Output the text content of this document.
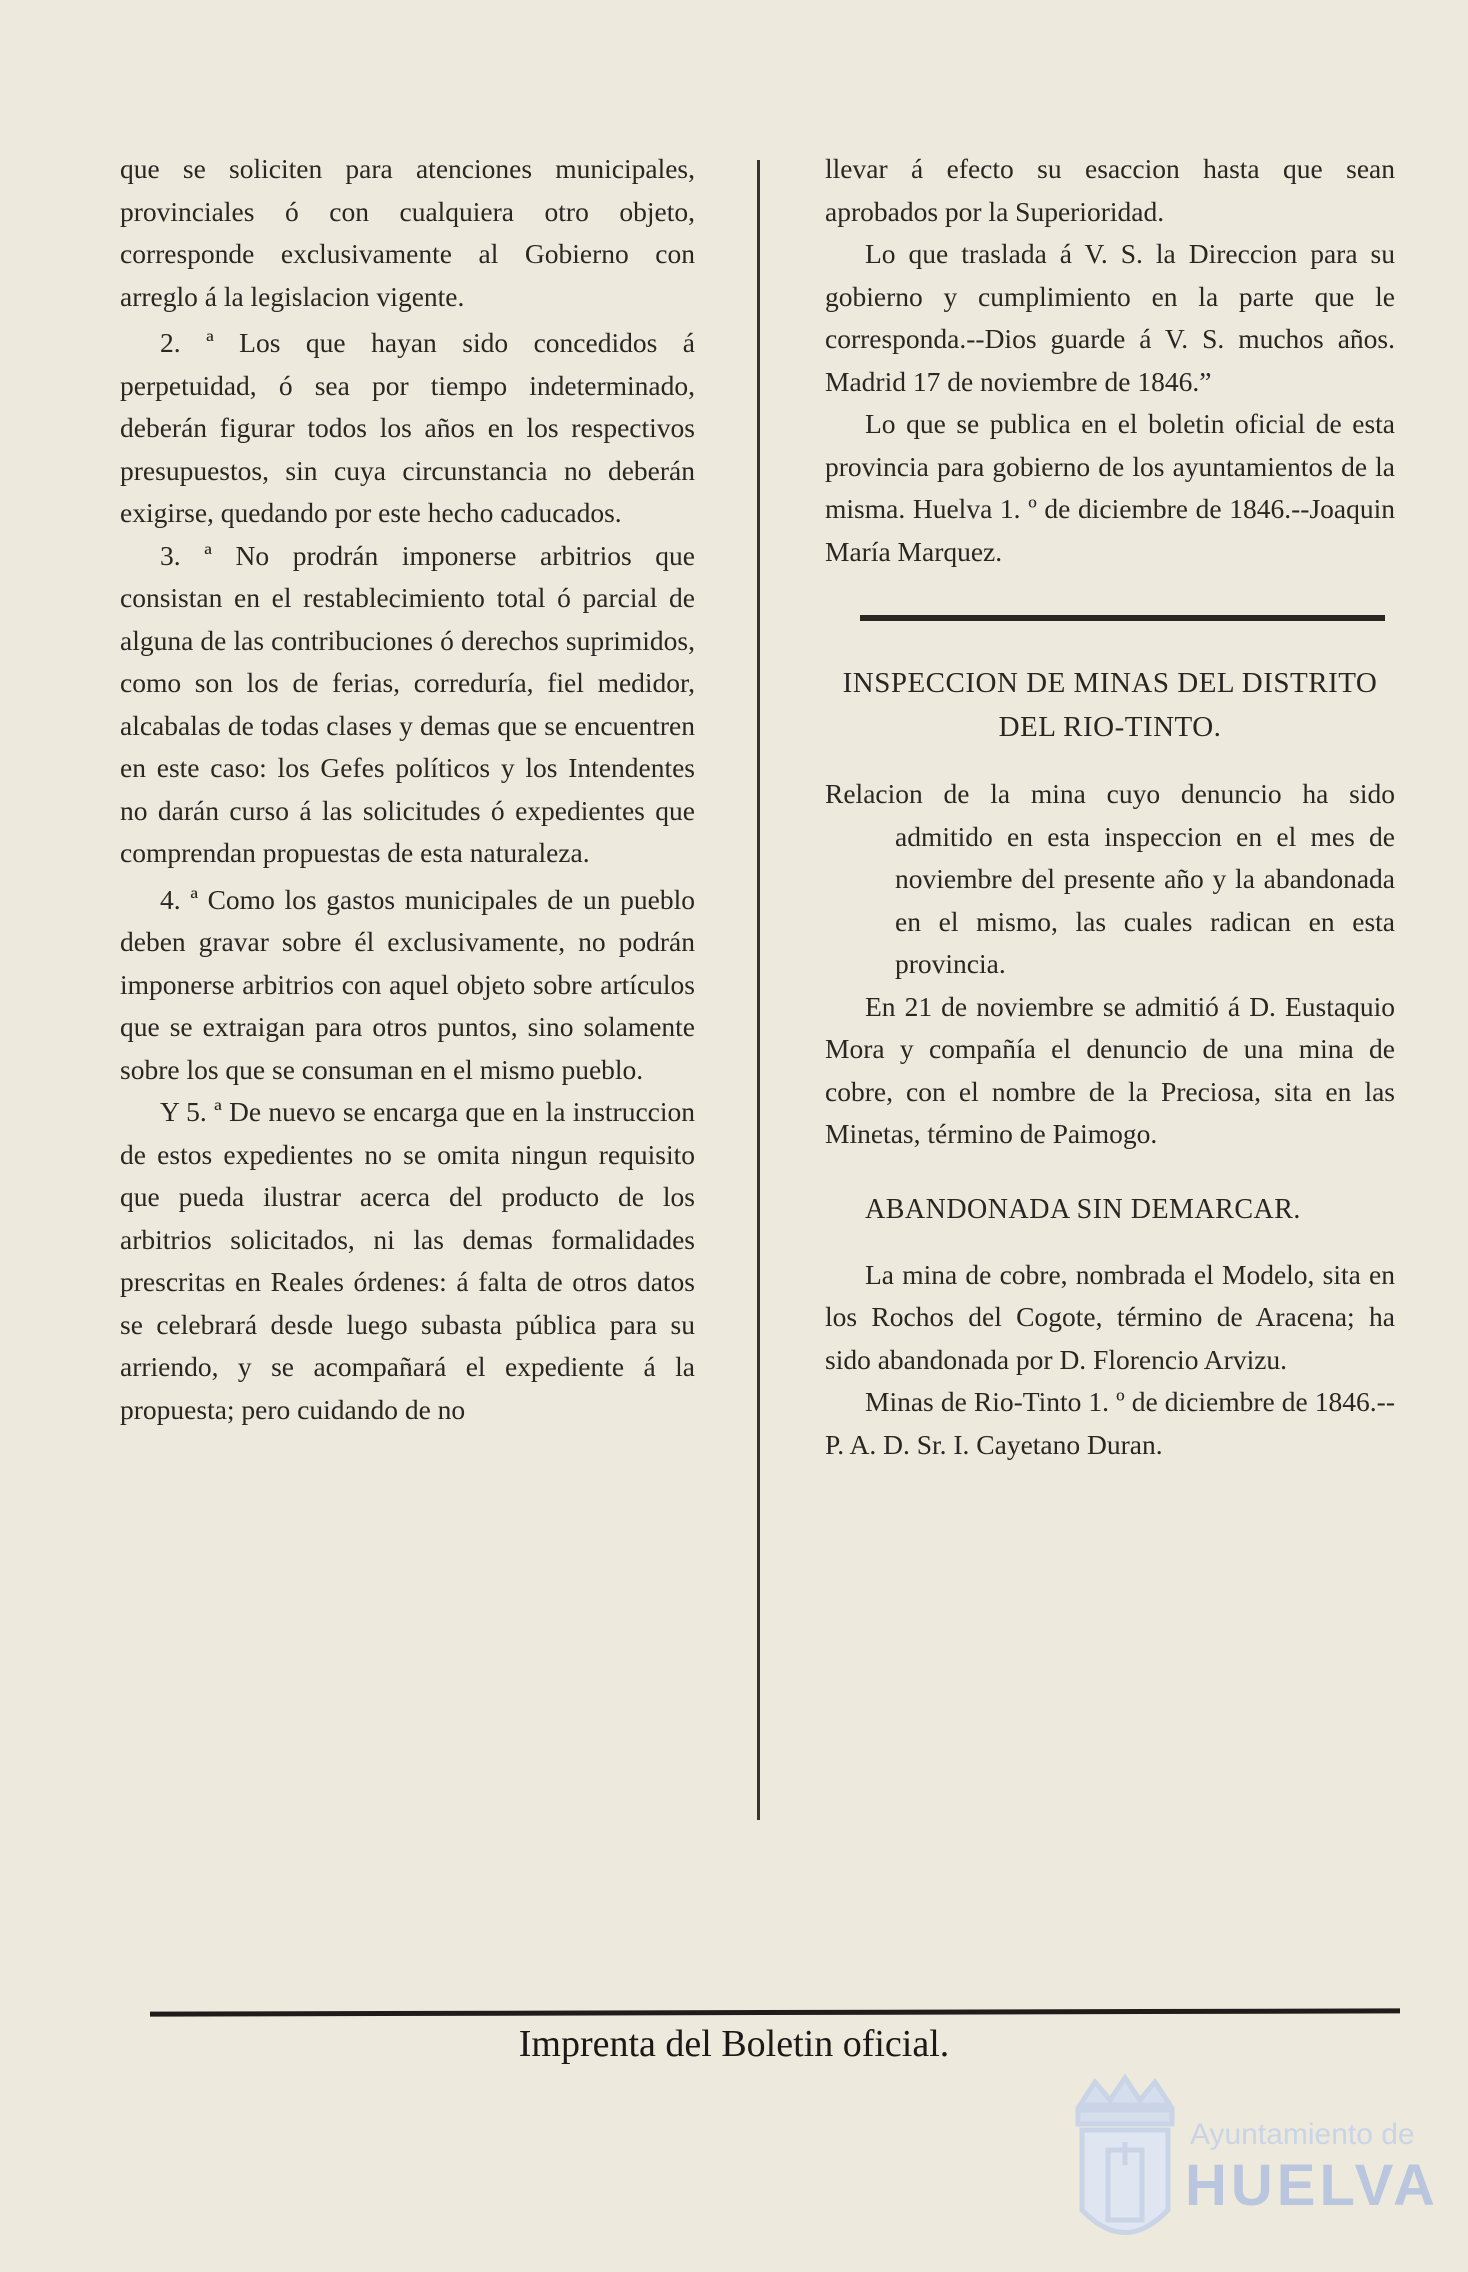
que se soliciten para atenciones municipales, provinciales ó con cualquiera otro objeto, corresponde exclusivamente al Gobierno con arreglo á la legislacion vigente.

2. ª Los que hayan sido concedidos á perpetuidad, ó sea por tiempo indeterminado, deberán figurar todos los años en los respectivos presupuestos, sin cuya circunstancia no deberán exigirse, quedando por este hecho caducados.

3. ª No prodrán imponerse arbitrios que consistan en el restablecimiento total ó parcial de alguna de las contribuciones ó derechos suprimidos, como son los de ferias, correduría, fiel medidor, alcabalas de todas clases y demas que se encuentren en este caso: los Gefes políticos y los Intendentes no darán curso á las solicitudes ó expedientes que comprendan propuestas de esta naturaleza.

4. ª Como los gastos municipales de un pueblo deben gravar sobre él exclusivamente, no podrán imponerse arbitrios con aquel objeto sobre artículos que se extraigan para otros puntos, sino solamente sobre los que se consuman en el mismo pueblo.

Y 5. ª De nuevo se encarga que en la instruccion de estos expedientes no se omita ningun requisito que pueda ilustrar acerca del producto de los arbitrios solicitados, ni las demas formalidades prescritas en Reales órdenes: á falta de otros datos se celebrará desde luego subasta pública para su arriendo, y se acompañará el expediente á la propuesta; pero cuidando de no

llevar á efecto su esaccion hasta que sean aprobados por la Superioridad.

Lo que traslada á V. S. la Direccion para su gobierno y cumplimiento en la parte que le corresponda.--Dios guarde á V. S. muchos años. Madrid 17 de noviembre de 1846.”

Lo que se publica en el boletin oficial de esta provincia para gobierno de los ayuntamientos de la misma. Huelva 1. º de diciembre de 1846.--Joaquin María Marquez.

INSPECCION DE MINAS DEL DISTRITO

DEL RIO-TINTO.

Relacion de la mina cuyo denuncio ha sido admitido en esta inspeccion en el mes de noviembre del presente año y la abandonada en el mismo, las cuales radican en esta provincia.

En 21 de noviembre se admitió á D. Eustaquio Mora y compañía el denuncio de una mina de cobre, con el nombre de la Preciosa, sita en las Minetas, término de Paimogo.

ABANDONADA SIN DEMARCAR.

La mina de cobre, nombrada el Modelo, sita en los Rochos del Cogote, término de Aracena; ha sido abandonada por D. Florencio Arvizu.

Minas de Rio-Tinto 1. º de diciembre de 1846.--P. A. D. Sr. I. Cayetano Duran.

Imprenta del Boletin oficial.
Ayuntamiento de
HUELVA
